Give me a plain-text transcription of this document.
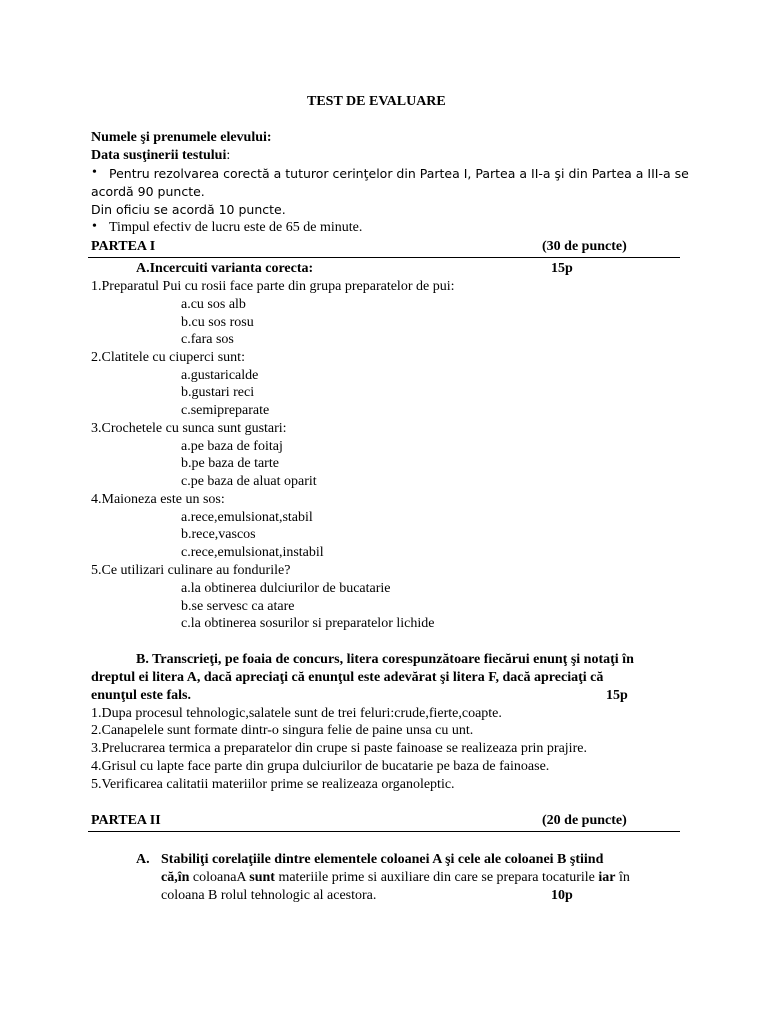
TEST DE EVALUARE
Numele şi prenumele elevului:
Data susţinerii testului:
• Pentru rezolvarea corectă a tuturor cerinţelor din Partea I, Partea a II-a şi din Partea a III-a se
acordă 90 puncte.
Din oficiu se acordă 10 puncte.
• Timpul efectiv de lucru este de 65 de minute.
PARTEA I	(30 de puncte)
A.Incercuiti varianta corecta:	15p
1.Preparatul Pui cu rosii face parte din grupa preparatelor de pui:
a.cu sos alb
b.cu sos rosu
c.fara sos
2.Clatitele cu ciuperci sunt:
a.gustaricalde
b.gustari reci
c.semipreparate
3.Crochetele cu sunca sunt gustari:
a.pe baza de foitaj
b.pe baza de tarte
c.pe baza de aluat oparit
4.Maioneza este un sos:
a.rece,emulsionat,stabil
b.rece,vascos
c.rece,emulsionat,instabil
5.Ce utilizari culinare au fondurile?
a.la obtinerea dulciurilor de bucatarie
b.se servesc ca atare
c.la obtinerea sosurilor si preparatelor lichide
B. Transcrieţi, pe foaia de concurs, litera corespunzătoare fiecărui enunţ şi notaţi în
dreptul ei litera A, dacă apreciaţi că enunţul este adevărat şi litera F, dacă apreciaţi că
enunţul este fals.	15p
1.Dupa procesul tehnologic,salatele sunt de trei feluri:crude,fierte,coapte.
2.Canapelele sunt formate dintr-o singura felie de paine unsa cu unt.
3.Prelucrarea termica a preparatelor din crupe si paste fainoase se realizeaza prin prajire.
4.Grisul cu lapte face parte din grupa dulciurilor de bucatarie pe baza de fainoase.
5.Verificarea calitatii materiilor prime se realizeaza organoleptic.
PARTEA II	(20 de puncte)
A. Stabiliţi corelaţiile dintre elementele coloanei A şi cele ale coloanei B ştiind
că,în coloanaA sunt materiile prime si auxiliare din care se prepara tocaturile iar în
coloana B rolul tehnologic al acestora.	10p
